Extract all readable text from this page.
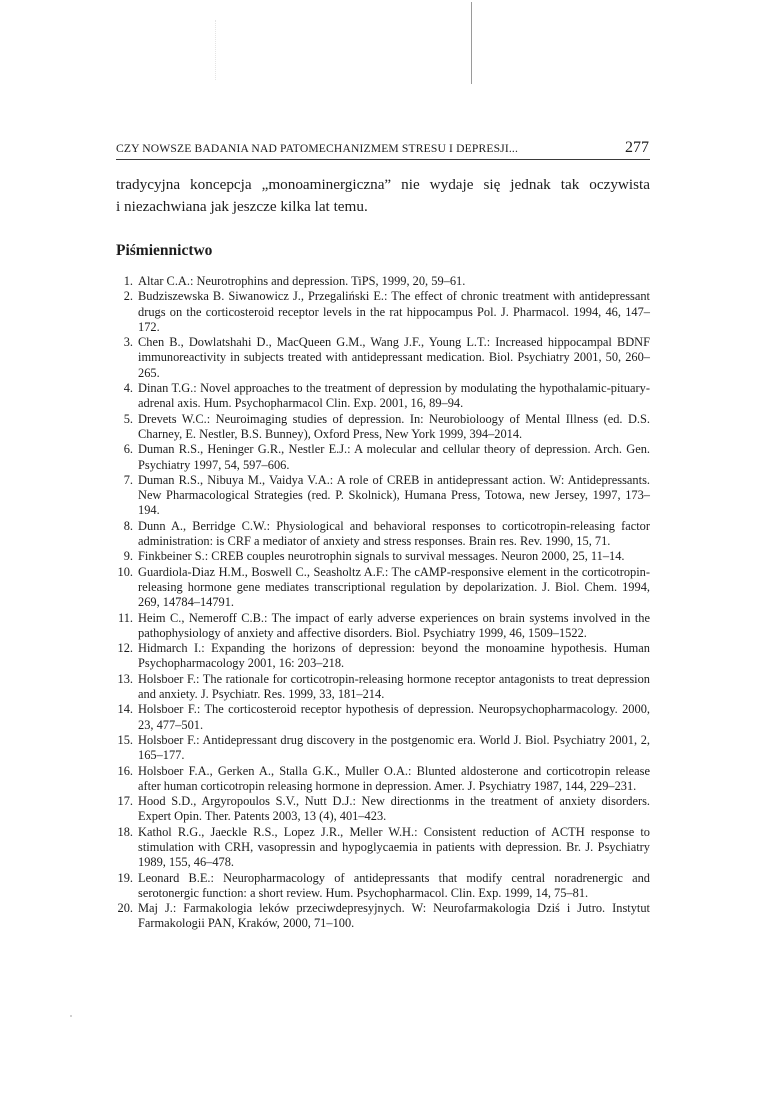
CZY NOWSZE BADANIA NAD PATOMECHANIZMEM STRESU I DEPRESJI...	277
tradycyjna koncepcja „monoaminergiczna” nie wydaje się jednak tak oczywista
i niezachwiana jak jeszcze kilka lat temu.
Piśmiennictwo
1. Altar C.A.: Neurotrophins and depression. TiPS, 1999, 20, 59–61.
2. Budziszewska B. Siwanowicz J., Przegaliński E.: The effect of chronic treatment with antidepressant drugs on the corticosteroid receptor levels in the rat hippocampus Pol. J. Pharmacol. 1994, 46, 147–172.
3. Chen B., Dowlatshahi D., MacQueen G.M., Wang J.F., Young L.T.: Increased hippocampal BDNF immunoreactivity in subjects treated with antidepressant medication. Biol. Psychiatry 2001, 50, 260–265.
4. Dinan T.G.: Novel approaches to the treatment of depression by modulating the hypothalamic-pituary-adrenal axis. Hum. Psychopharmacol Clin. Exp. 2001, 16, 89–94.
5. Drevets W.C.: Neuroimaging studies of depression. In: Neurobioloogy of Mental Illness (ed. D.S. Charney, E. Nestler, B.S. Bunney), Oxford Press, New York 1999, 394–2014.
6. Duman R.S., Heninger G.R., Nestler E.J.: A molecular and cellular theory of depression. Arch. Gen. Psychiatry 1997, 54, 597–606.
7. Duman R.S., Nibuya M., Vaidya V.A.: A role of CREB in antidepressant action. W: Antidepressants. New Pharmacological Strategies (red. P. Skolnick), Humana Press, Totowa, new Jersey, 1997, 173–194.
8. Dunn A., Berridge C.W.: Physiological and behavioral responses to corticotropin-releasing factor administration: is CRF a mediator of anxiety and stress responses. Brain res. Rev. 1990, 15, 71.
9. Finkbeiner S.: CREB couples neurotrophin signals to survival messages. Neuron 2000, 25, 11–14.
10. Guardiola-Diaz H.M., Boswell C., Seasholtz A.F.: The cAMP-responsive element in the corticotropin-releasing hormone gene mediates transcriptional regulation by depolarization. J. Biol. Chem. 1994, 269, 14784–14791.
11. Heim C., Nemeroff C.B.: The impact of early adverse experiences on brain systems involved in the pathophysiology of anxiety and affective disorders. Biol. Psychiatry 1999, 46, 1509–1522.
12. Hidmarch I.: Expanding the horizons of depression: beyond the monoamine hypothesis. Human Psychopharmacology 2001, 16: 203–218.
13. Holsboer F.: The rationale for corticotropin-releasing hormone receptor antagonists to treat depression and anxiety. J. Psychiatr. Res. 1999, 33, 181–214.
14. Holsboer F.: The corticosteroid receptor hypothesis of depression. Neuropsychopharmacology. 2000, 23, 477–501.
15. Holsboer F.: Antidepressant drug discovery in the postgenomic era. World J. Biol. Psychiatry 2001, 2, 165–177.
16. Holsboer F.A., Gerken A., Stalla G.K., Muller O.A.: Blunted aldosterone and corticotropin release after human corticotropin releasing hormone in depression. Amer. J. Psychiatry 1987, 144, 229–231.
17. Hood S.D., Argyropoulos S.V., Nutt D.J.: New directionms in the treatment of anxiety disorders. Expert Opin. Ther. Patents 2003, 13 (4), 401–423.
18. Kathol R.G., Jaeckle R.S., Lopez J.R., Meller W.H.: Consistent reduction of ACTH response to stimulation with CRH, vasopressin and hypoglycaemia in patients with depression. Br. J. Psychiatry 1989, 155, 46–478.
19. Leonard B.E.: Neuropharmacology of antidepressants that modify central noradrenergic and serotonergic function: a short review. Hum. Psychopharmacol. Clin. Exp. 1999, 14, 75–81.
20. Maj J.: Farmakologia leków przeciwdepresyjnych. W: Neurofarmakologia Dziś i Jutro. Instytut Farmakologii PAN, Kraków, 2000, 71–100.
